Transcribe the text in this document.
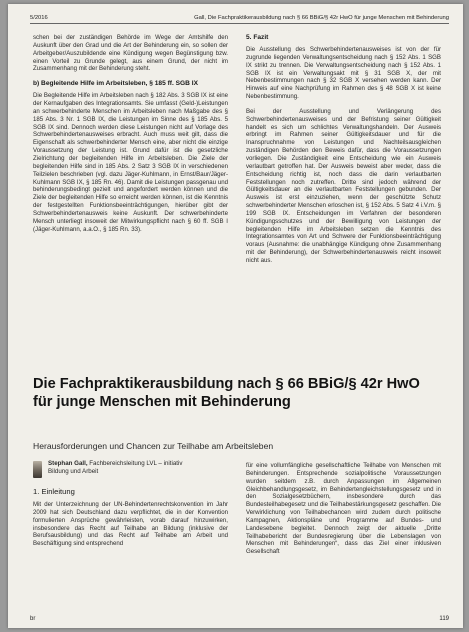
5/2016	Gall, Die Fachpraktikerausbildung nach § 66 BBiG/§ 42r HwO für junge Menschen mit Behinderung

schen bei der zuständigen Behörde im Wege der Amtshilfe den Auskunft über den Grad und die Art der Behinderung ein, so sollen der Arbeitgeber/Auszubildende eine Kündigung wegen Begünstigung bzw. einen Vorteil zu Grunde gelegt, aus einem Grund, der nicht im Zusammenhang mit der Behinderung steht.

b) Begleitende Hilfe im Arbeitsleben, § 185 ff. SGB IX

Die Begleitende Hilfe im Arbeitsleben nach § 182 Abs. 3 SGB IX ist eine der Kernaufgaben des Integrationsamts. Sie umfasst (Geld-)Leistungen an schwerbehinderte Menschen im Arbeitsleben nach Maßgabe des § 185 Abs. 3 Nr. 1 SGB IX, die Leistungen im Sinne des § 185 Abs. 5 SGB IX sind. Dennoch werden diese Leistungen nicht auf Vorlage des Schwerbehindertenausweises erbracht. Auch muss weit gilt, dass die Eigenschaft als schwerbehinderter Mensch eine, aber nicht die einzige Voraussetzung der Leistung ist. Grund dafür ist die gesetzliche Zielrichtung der begleitenden Hilfe im Arbeitsleben. Die Ziele der begleitenden Hilfe sind in 185 Abs. 2 Satz 3 SGB IX in verschiedenen Teilzielen beschrieben (vgl. dazu Jäger-Kuhlmann, in Ernst/Baur/Jäger-Kuhlmann SGB IX, § 185 Rn. 46). Damit die Leistungen passgenau und behinderungsbedingt gezielt und angefordert werden können und die Ziele der begleitenden Hilfe so erreicht werden können, ist die Kenntnis der festgestellten Funktionsbeeinträchtigungen, hierüber gibt der Schwerbehindertenausweis keine Auskunft. Der schwerbehinderte Mensch unterliegt insoweit der Mitwirkungspflicht nach § 60 ff. SGB I (Jäger-Kuhlmann, a.a.O., § 185 Rn. 33).

5. Fazit

Die Ausstellung des Schwerbehindertenausweises ist von der für zugrunde liegenden Verwaltungsentscheidung nach § 152 Abs. 1 SGB IX strikt zu trennen. Die Verwaltungsentscheidung nach § 152 Abs. 1 SGB IX ist ein Verwaltungsakt mit § 31 SGB X, der mit Nebenbestimmungen nach § 32 SGB X versehen werden kann. Der Hinweis auf eine Nachprüfung im Rahmen des § 48 SGB X ist keine Nebenbestimmung.

Bei der Ausstellung und Verlängerung des Schwerbehindertenausweises und der Befristung seiner Gültigkeit handelt es sich um schlichtes Verwaltungshandeln. Der Ausweis erbringt im Rahmen seiner Gültigkeitsdauer und für die Inanspruchnahme von Leistungen und Nachteilsausgleichen zuständigen Behörden den Beweis dafür, dass die Voraussetzungen vorliegen. Die Zuständigkeit eine Entscheidung wie ein Ausweis verlautbart getroffen hat. Der Ausweis beweist aber weder, dass die Entscheidung richtig ist, noch dass die darin verlautbarten Feststellungen noch zutreffen. Dritte sind jedoch während der Gültigkeitsdauer an die verlautbarten Feststellungen gebunden. Der Ausweis ist erst einzuziehen, wenn der geschützte Schutz schwerbehinderter Menschen erloschen ist, § 152 Abs. 5 Satz 4 i.V.m. § 199 SGB IX. Entscheidungen im Verfahren der besonderen Kündigungsschutzes und der Bewilligung von Leistungen der begleitenden Hilfe im Arbeitsleben setzen die Kenntnis des Integrationsamtes von Art und Schwere der Funktionsbeeinträchtigung voraus (Ausnahme: die unabhängige Kündigung ohne Zusammenhang mit der Behinderung), der Schwerbehindertenausweis reicht insoweit nicht aus.

Die Fachpraktikerausbildung nach § 66 BBiG/§ 42r HwO für junge Menschen mit Behinderung
Herausforderungen und Chancen zur Teilhabe am Arbeitsleben
Stephan Gall, Fachbereichsleitung LVL – initiativ
Bildung und Arbeit
1. Einleitung

Mit der Unterzeichnung der UN-Behindertenrechtskonvention im Jahr 2009 hat sich Deutschland dazu verpflichtet, die in der Konvention formulierten Ansprüche gewährleisten, vorab darauf hinzuwirken, insbesondere das Recht auf Teilhabe an Bildung (inklusive der Berufsausbildung) und das Recht auf Teilhabe am Arbeit und Beschäftigung sind entsprechend

für eine vollumfängliche gesellschaftliche Teilhabe von Menschen mit Behinderungen. Entsprechende sozialpolitische Voraussetzungen wurden seitdem z.B. durch Anpassungen im Allgemeinen Gleichbehandlungsgesetz, im Behindertengleichstellungsgesetz und in den Sozialgesetzbüchern, insbesondere durch das Bundesteilhabegesetz und die Teilhabestärkungsgesetz geschaffen. Die Verwirklichung von Teilhabechancen wird zudem durch politische Kampagnen, Aktionspläne und Programme auf Bundes- und Landesebene begleitet. Dennoch zeigt der aktuelle „Dritte Teilhabebericht der Bundesregierung über die Lebenslagen von Menschen mit Behinderungen“, dass das Ziel einer inklusiven Gesellschaft

br	119
